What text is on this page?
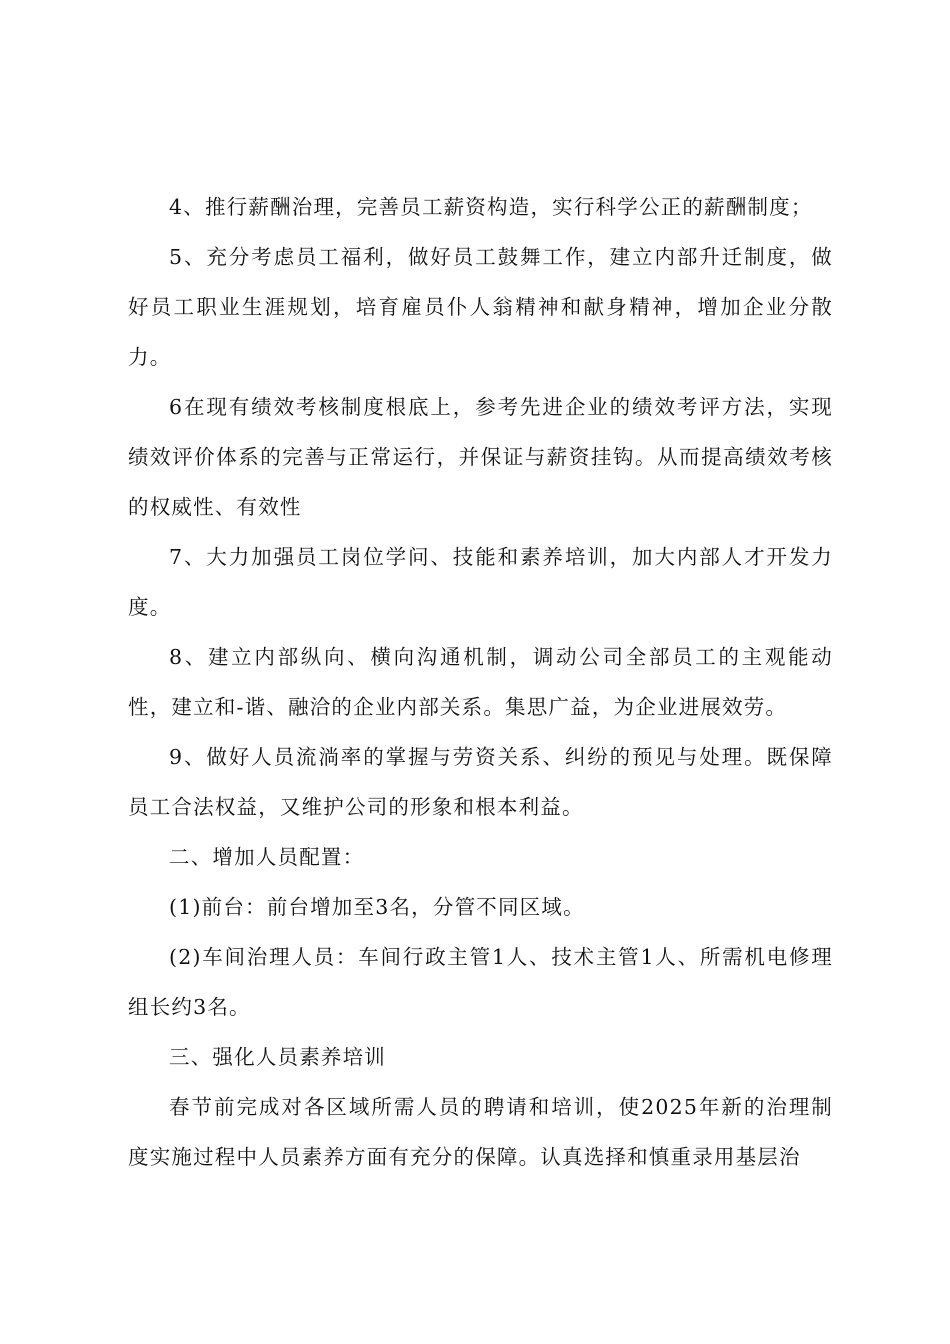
4、推行薪酬治理，完善员工薪资构造，实行科学公正的薪酬制度；

5、充分考虑员工福利，做好员工鼓舞工作，建立内部升迁制度，做好员工职业生涯规划，培育雇员仆人翁精神和献身精神，增加企业分散力。

6在现有绩效考核制度根底上，参考先进企业的绩效考评方法，实现绩效评价体系的完善与正常运行，并保证与薪资挂钩。从而提高绩效考核的权威性、有效性

7、大力加强员工岗位学问、技能和素养培训，加大内部人才开发力度。

8、建立内部纵向、横向沟通机制，调动公司全部员工的主观能动性，建立和-谐、融洽的企业内部关系。集思广益，为企业进展效劳。

9、做好人员流淌率的掌握与劳资关系、纠纷的预见与处理。既保障员工合法权益，又维护公司的形象和根本利益。

二、增加人员配置：

(1)前台：前台增加至3名，分管不同区域。

(2)车间治理人员：车间行政主管1人、技术主管1人、所需机电修理组长约3名。

三、强化人员素养培训

春节前完成对各区域所需人员的聘请和培训，使2025年新的治理制度实施过程中人员素养方面有充分的保障。认真选择和慎重录用基层治
